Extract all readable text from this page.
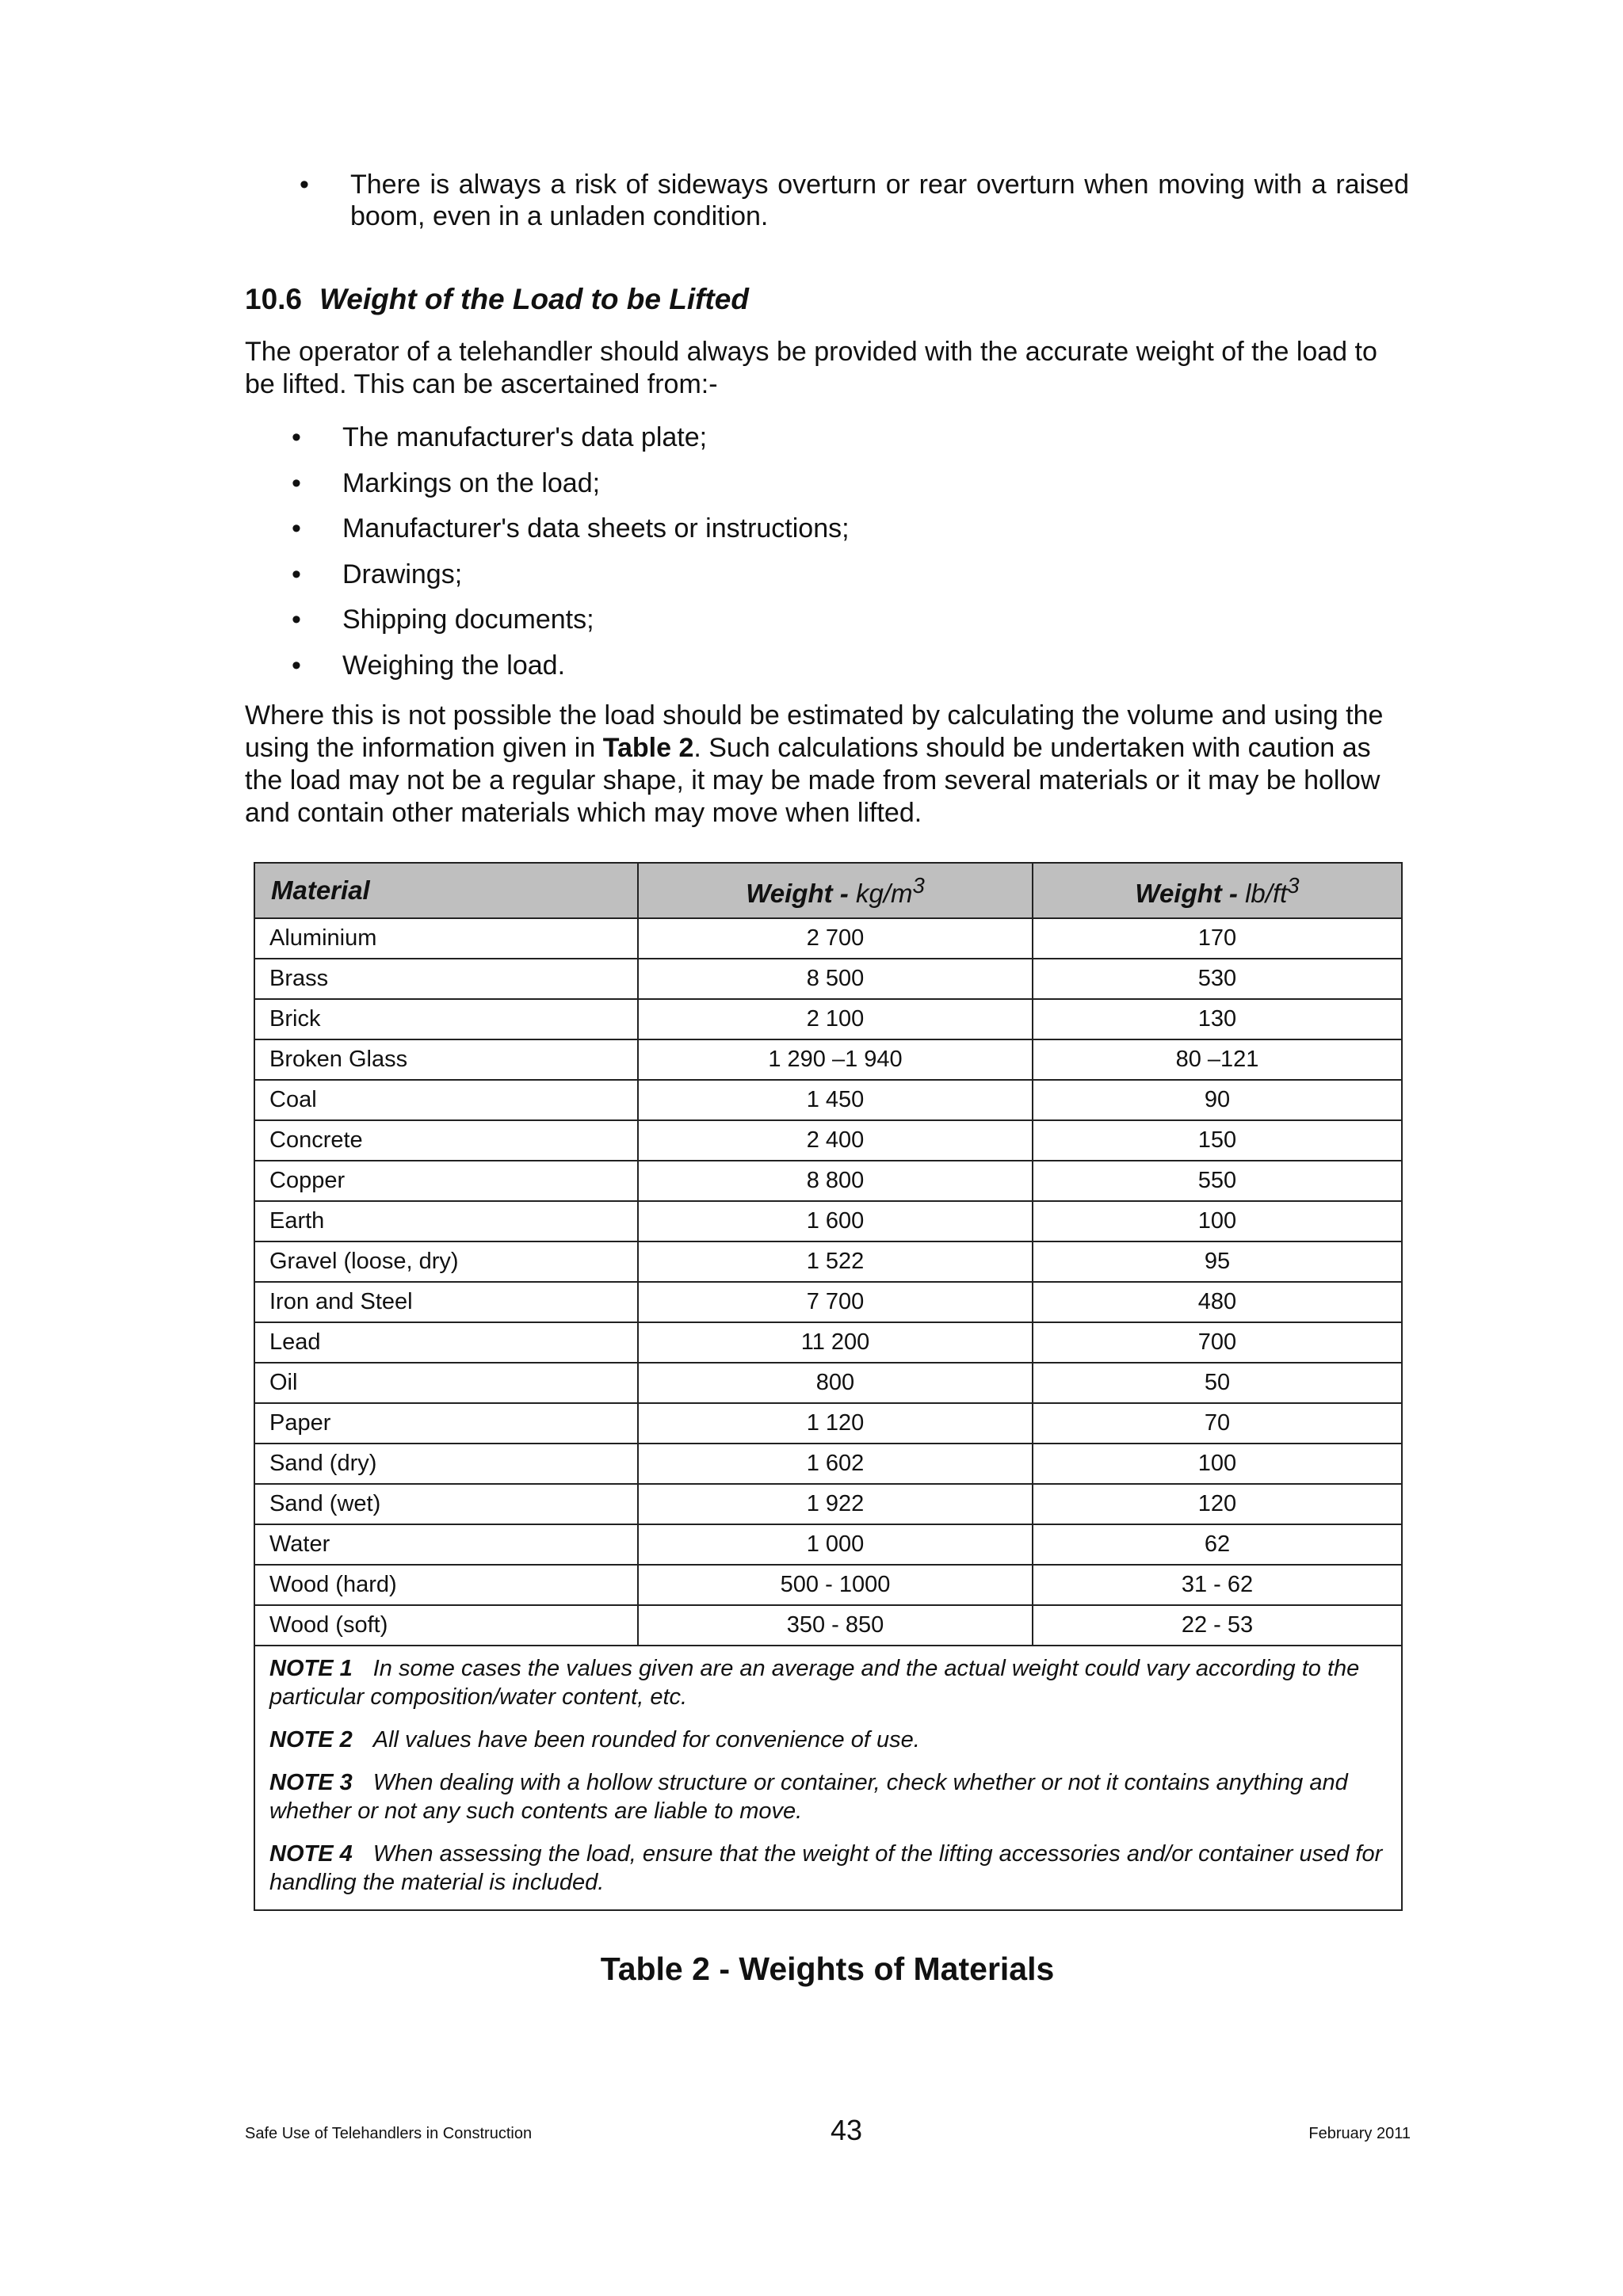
•	There is always a risk of sideways overturn or rear overturn when moving with a raised boom, even in a unladen condition.
10.6 Weight of the Load to be Lifted
The operator of a telehandler should always be provided with the accurate weight of the load to be lifted. This can be ascertained from:-
•	The manufacturer's data plate;
•	Markings on the load;
•	Manufacturer's data sheets or instructions;
•	Drawings;
•	Shipping documents;
•	Weighing the load.
Where this is not possible the load should be estimated by calculating the volume and using the using the information given in Table 2. Such calculations should be undertaken with caution as the load may not be a regular shape, it may be made from several materials or it may be hollow and contain other materials which may move when lifted.
Material	Weight - $kg/m^3$	Weight - $lb/ft^3$
Aluminium	2 700	170
Brass	8 500	530
Brick	2 100	130
Broken Glass	1 290 –1 940	80 –121
Coal	1 450	90
Concrete	2 400	150
Copper	8 800	550
Earth	1 600	100
Gravel (loose, dry)	1 522	95
Iron and Steel	7 700	480
Lead	11 200	700
Oil	800	50
Paper	1 120	70
Sand (dry)	1 602	100
Sand (wet)	1 922	120
Water	1 000	62
Wood (hard)	500 - 1000	31 - 62
Wood (soft)	350 - 850	22 - 53

NOTE 1 In some cases the values given are an average and the actual weight could vary according to the particular composition/water content, etc.

NOTE 2 All values have been rounded for convenience of use.

NOTE 3 When dealing with a hollow structure or container, check whether or not it contains anything and whether or not any such contents are liable to move.

NOTE 4 When assessing the load, ensure that the weight of the lifting accessories and/or container used for handling the material is included.		

Table 2 - Weights of Materials
Safe Use of Telehandlers in Construction	43	February 2011
